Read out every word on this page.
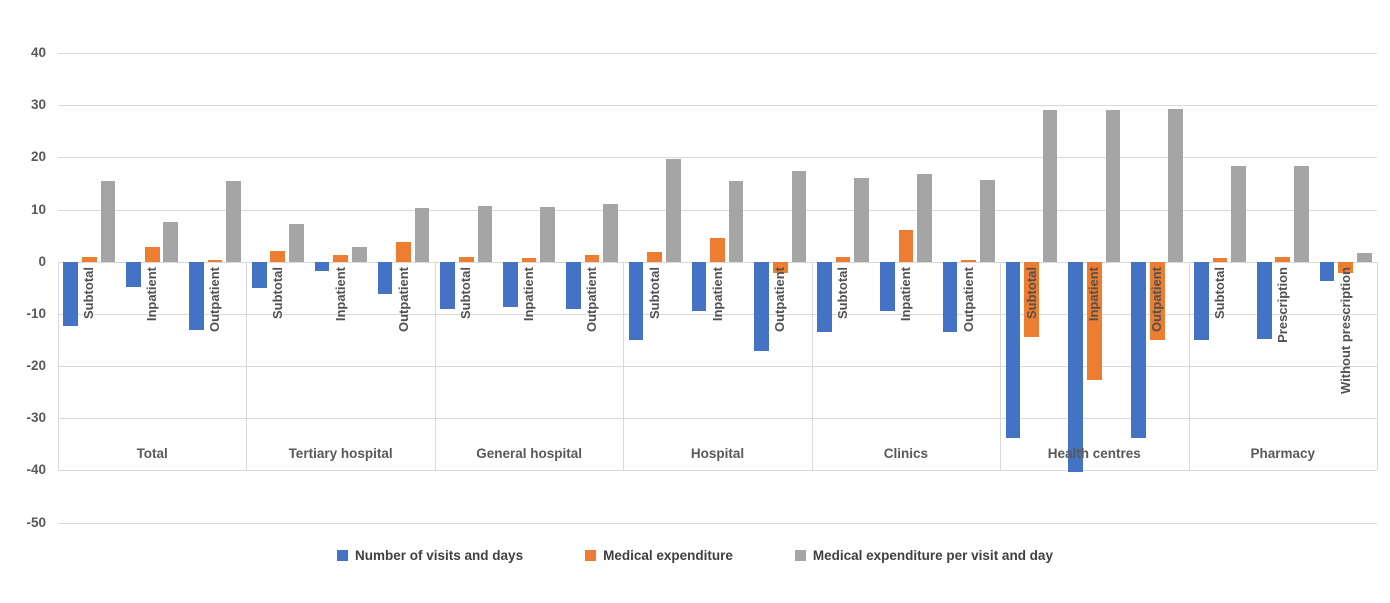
40
30
20
10
0
-10
-20
-30
-40
-50
Subtotal	Inpatient	Outpatient
Total
Subtotal	Inpatient	Outpatient
Tertiary hospital
Subtotal	Inpatient	Outpatient
General hospital
Subtotal	Inpatient	Outpatient
Hospital
Subtotal	Inpatient	Outpatient
Clinics
Subtotal	Inpatient	Outpatient
Health centres
Subtotal	Prescription	Without prescription
Pharmacy
Number of visits and days	Medical expenditure	Medical expenditure per visit and day
